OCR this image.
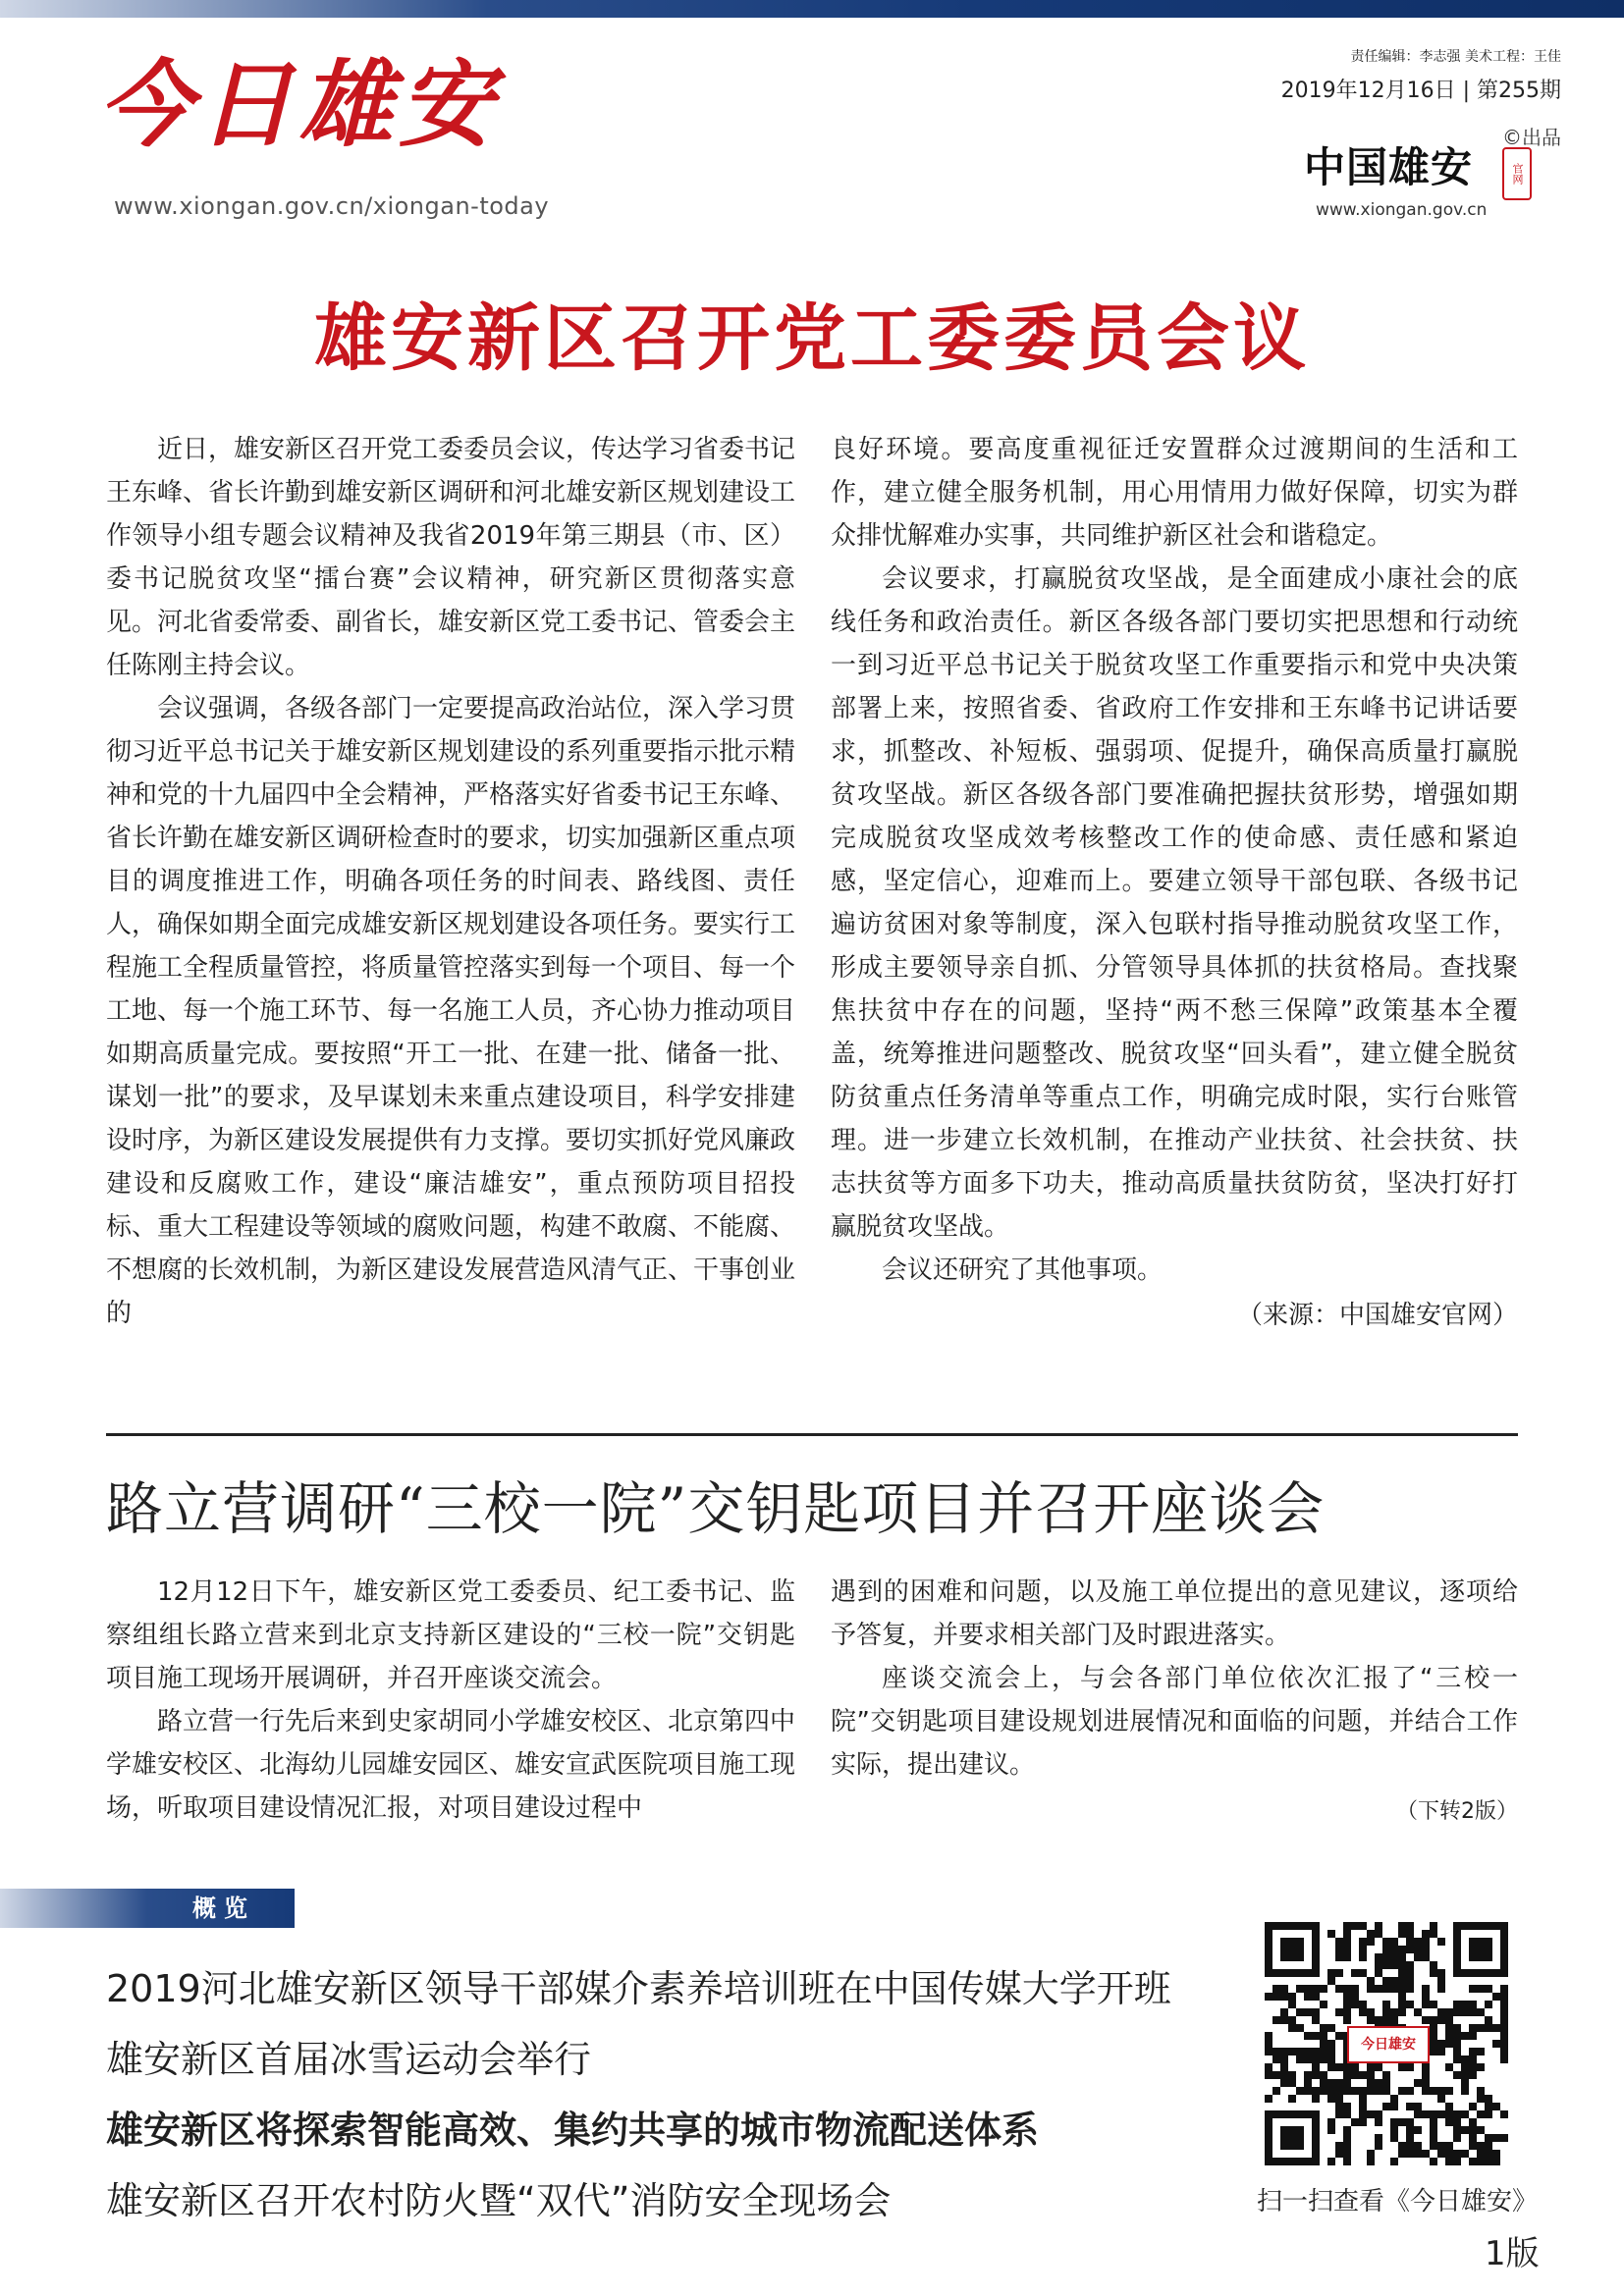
今日雄安
www.xiongan.gov.cn/xiongan-today
责任编辑：李志强 美术工程：王佳
2019年12月16日 | 第255期
©出品
中国雄安	官网
www.xiongan.gov.cn
雄安新区召开党工委委员会议

近日，雄安新区召开党工委委员会议，传达学习省委书记王东峰、省长许勤到雄安新区调研和河北雄安新区规划建设工作领导小组专题会议精神及我省2019年第三期县（市、区）委书记脱贫攻坚“擂台赛”会议精神，研究新区贯彻落实意见。河北省委常委、副省长，雄安新区党工委书记、管委会主任陈刚主持会议。

会议强调，各级各部门一定要提高政治站位，深入学习贯彻习近平总书记关于雄安新区规划建设的系列重要指示批示精神和党的十九届四中全会精神，严格落实好省委书记王东峰、省长许勤在雄安新区调研检查时的要求，切实加强新区重点项目的调度推进工作，明确各项任务的时间表、路线图、责任人，确保如期全面完成雄安新区规划建设各项任务。要实行工程施工全程质量管控，将质量管控落实到每一个项目、每一个工地、每一个施工环节、每一名施工人员，齐心协力推动项目如期高质量完成。要按照“开工一批、在建一批、储备一批、谋划一批”的要求，及早谋划未来重点建设项目，科学安排建设时序，为新区建设发展提供有力支撑。要切实抓好党风廉政建设和反腐败工作，建设“廉洁雄安”，重点预防项目招投标、重大工程建设等领域的腐败问题，构建不敢腐、不能腐、不想腐的长效机制，为新区建设发展营造风清气正、干事创业的

良好环境。要高度重视征迁安置群众过渡期间的生活和工作，建立健全服务机制，用心用情用力做好保障，切实为群众排忧解难办实事，共同维护新区社会和谐稳定。

会议要求，打赢脱贫攻坚战，是全面建成小康社会的底线任务和政治责任。新区各级各部门要切实把思想和行动统一到习近平总书记关于脱贫攻坚工作重要指示和党中央决策部署上来，按照省委、省政府工作安排和王东峰书记讲话要求，抓整改、补短板、强弱项、促提升，确保高质量打赢脱贫攻坚战。新区各级各部门要准确把握扶贫形势，增强如期完成脱贫攻坚成效考核整改工作的使命感、责任感和紧迫感，坚定信心，迎难而上。要建立领导干部包联、各级书记遍访贫困对象等制度，深入包联村指导推动脱贫攻坚工作，形成主要领导亲自抓、分管领导具体抓的扶贫格局。查找聚焦扶贫中存在的问题，坚持“两不愁三保障”政策基本全覆盖，统筹推进问题整改、脱贫攻坚“回头看”，建立健全脱贫防贫重点任务清单等重点工作，明确完成时限，实行台账管理。进一步建立长效机制，在推动产业扶贫、社会扶贫、扶志扶贫等方面多下功夫，推动高质量扶贫防贫，坚决打好打赢脱贫攻坚战。

会议还研究了其他事项。

（来源：中国雄安官网）

路立营调研“三校一院”交钥匙项目并召开座谈会

12月12日下午，雄安新区党工委委员、纪工委书记、监察组组长路立营来到北京支持新区建设的“三校一院”交钥匙项目施工现场开展调研，并召开座谈交流会。

路立营一行先后来到史家胡同小学雄安校区、北京第四中学雄安校区、北海幼儿园雄安园区、雄安宣武医院项目施工现场，听取项目建设情况汇报，对项目建设过程中

遇到的困难和问题，以及施工单位提出的意见建议，逐项给予答复，并要求相关部门及时跟进落实。

座谈交流会上，与会各部门单位依次汇报了“三校一院”交钥匙项目建设规划进展情况和面临的问题，并结合工作实际，提出建议。

（下转2版）

概览
2019河北雄安新区领导干部媒介素养培训班在中国传媒大学开班
雄安新区首届冰雪运动会举行
雄安新区将探索智能高效、集约共享的城市物流配送体系
雄安新区召开农村防火暨“双代”消防安全现场会
今日雄安
扫一扫查看《今日雄安》
1版
